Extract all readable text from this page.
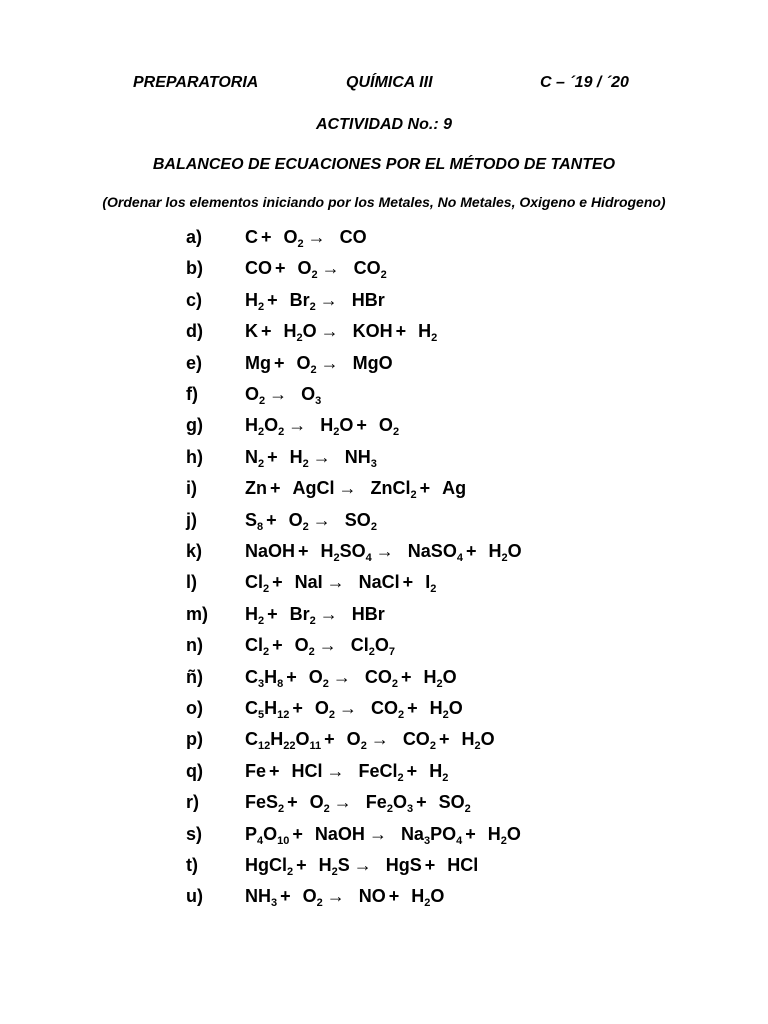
PREPARATORIA	QUÍMICA III	C – ´19 / ´20
ACTIVIDAD No.: 9
BALANCEO DE ECUACIONES POR EL MÉTODO DE TANTEO
(Ordenar los elementos iniciando por los Metales, No Metales, Oxigeno e Hidrogeno)
a) $C + O_2$ → CO
b) CO + $O_2 \to CO_2$
c) $H_2 + Br_2$ → HBr
d) $K + H_2O$ → KOH + $H_2$
e) $Mg + O_2$ → MgO
f)	$O_2 \to O_3$
g) $H_2O_2 \to H_2O + O_2$
h) $N_2 + H_2 \to NH_3$
i)	Zn + AgCl → ZnCl$_2$ + Ag
j)	$S_8 + O_2 \to SO_2$
k) NaOH + $H_2SO_4$ → NaSO$_4$ + $H_2O$
l)	$Cl_2$ + NaI → NaCl + $I_2$
m) $H_2 + Br_2$ → HBr
n) $Cl_2 + O_2 \to Cl_2O_7$
ñ) $C_3H_8 + O_2 \to CO_2 + H_2O$
o) $C_5H_{12} + O_2 \to CO_2 + H_2O$
p) $C_{12}H_{22}O_{11} + O_2 \to CO_2 + H_2O$
q) Fe + HCl → FeCl$_2$ + $H_2$
r)	$FeS_2 + O_2 \to Fe_2O_3 + SO_2$
s) $P_4O_{10}$ + NaOH → $Na_3PO_4 + H_2O$
t)	HgCl$_2$ + $H_2S$ → HgS + HCl
u) $NH_3 + O_2$ → NO + $H_2O$
